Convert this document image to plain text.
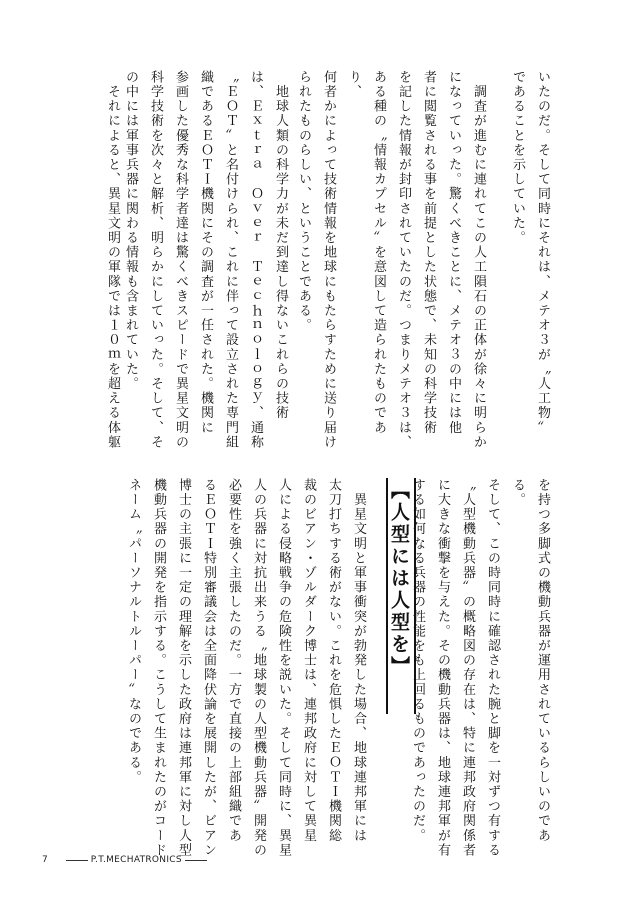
いたのだ。そして同時にそれは、メテオ３が〝人工物〟
であることを示していた。
　調査が進むに連れてこの人工隕石の正体が徐々に明らか
になっていった。驚くべきことに、メテオ３の中には他
者に閲覧される事を前提とした状態で、未知の科学技術
を記した情報が封印されていたのだ。つまりメテオ３は、
ある種の〝情報カプセル〟を意図して造られたものであり、
何者かによって技術情報を地球にもたらすために送り届け
られたものらしい、ということである。
　地球人類の科学力が未だ到達し得ないこれらの技術
は、Ｅｘｔｒａ　Ｏｖｅｒ　Ｔｅｃｈｎｏｌｏｇｙ、通称
〝ＥＯＴ〟と名付けられ、これに伴って設立された専門組
織であるＥＯＴＩ機関にその調査が一任された。機関に
参画した優秀な科学者達は驚くべきスピードで異星文明の
科学技術を次々と解析、明らかにしていった。そして、そ
の中には軍事兵器に関わる情報も含まれていた。
　それによると、異星文明の軍隊では１０ｍを超える体躯
を持つ多脚式の機動兵器が運用されているらしいのである。
そして、この時同時に確認された腕と脚を一対ずつ有する
〝人型機動兵器〟の概略図の存在は、特に連邦政府関係者
に大きな衝撃を与えた。その機動兵器は、地球連邦軍が有
する如何なる兵器の性能をも上回るものであったのだ。
【人型には人型を】
　異星文明と軍事衝突が勃発した場合、地球連邦軍には
太刀打ちする術がない。これを危惧したＥＯＴＩ機関総
裁のビアン・ゾルダーク博士は、連邦政府に対して異星
人による侵略戦争の危険性を説いた。そして同時に、異星
人の兵器に対抗出来うる〝地球製の人型機動兵器〟開発の
必要性を強く主張したのだ。一方で直接の上部組織であ
るＥＯＴＩ特別審議会は全面降伏論を展開したが、ビアン
博士の主張に一定の理解を示した政府は連邦軍に対し人型
機動兵器の開発を指示する。こうして生まれたのがコード
ネーム〝パーソナルトルーパー〟なのである。
7	P.T.MECHATRONICS
